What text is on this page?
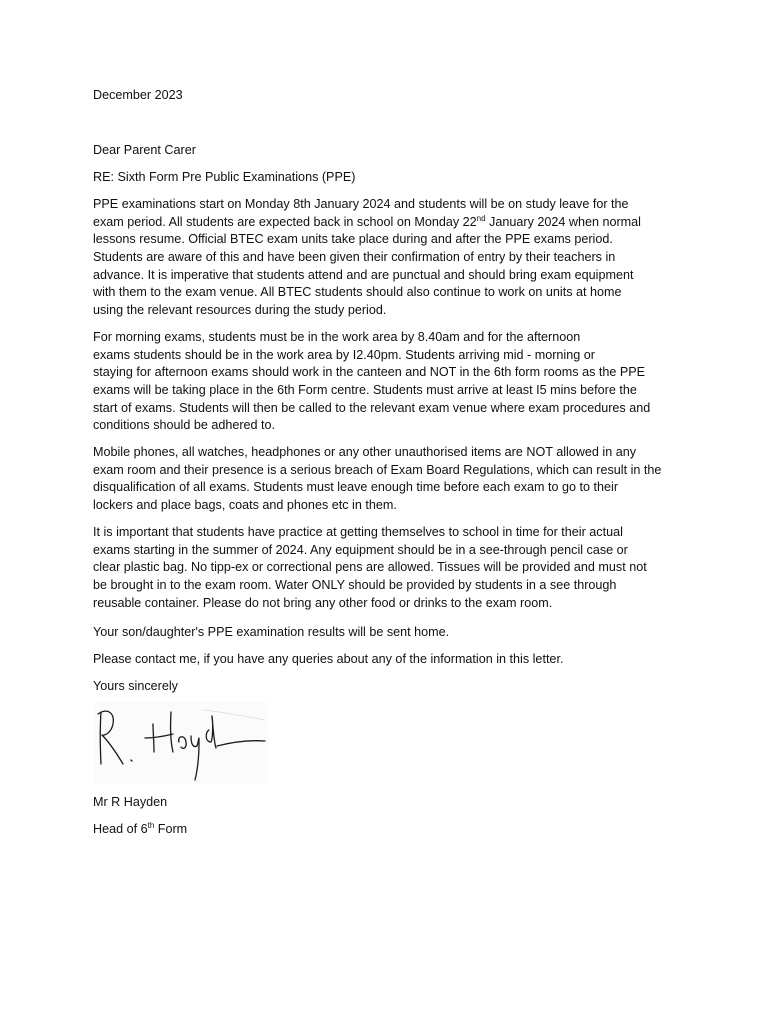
December 2023
Dear Parent Carer
RE: Sixth Form Pre Public Examinations (PPE)
PPE examinations start on Monday 8th January 2024 and students will be on study leave for the
exam period. All students are expected back in school on Monday 22nd January 2024 when normal
lessons resume. Official BTEC exam units take place during and after the PPE exams period.
Students are aware of this and have been given their confirmation of entry by their teachers in
advance. It is imperative that students attend and are punctual and should bring exam equipment
with them to the exam venue. All BTEC students should also continue to work on units at home
using the relevant resources during the study period.
For morning exams, students must be in the work area by 8.40am and for the afternoon
exams students should be in the work area by I2.40pm. Students arriving mid - morning or
staying for afternoon exams should work in the canteen and NOT in the 6th form rooms as the PPE
exams will be taking place in the 6th Form centre. Students must arrive at least I5 mins before the
start of exams. Students will then be called to the relevant exam venue where exam procedures and
conditions should be adhered to.
Mobile phones, all watches, headphones or any other unauthorised items are NOT allowed in any
exam room and their presence is a serious breach of Exam Board Regulations, which can result in the
disqualification of all exams. Students must leave enough time before each exam to go to their
lockers and place bags, coats and phones etc in them.
It is important that students have practice at getting themselves to school in time for their actual
exams starting in the summer of 2024. Any equipment should be in a see-through pencil case or
clear plastic bag. No tipp-ex or correctional pens are allowed. Tissues will be provided and must not
be brought in to the exam room. Water ONLY should be provided by students in a see through
reusable container. Please do not bring any other food or drinks to the exam room.
Your son/daughter's PPE examination results will be sent home.
Please contact me, if you have any queries about any of the information in this letter.
Yours sincerely
Mr R Hayden
Head of 6th Form
